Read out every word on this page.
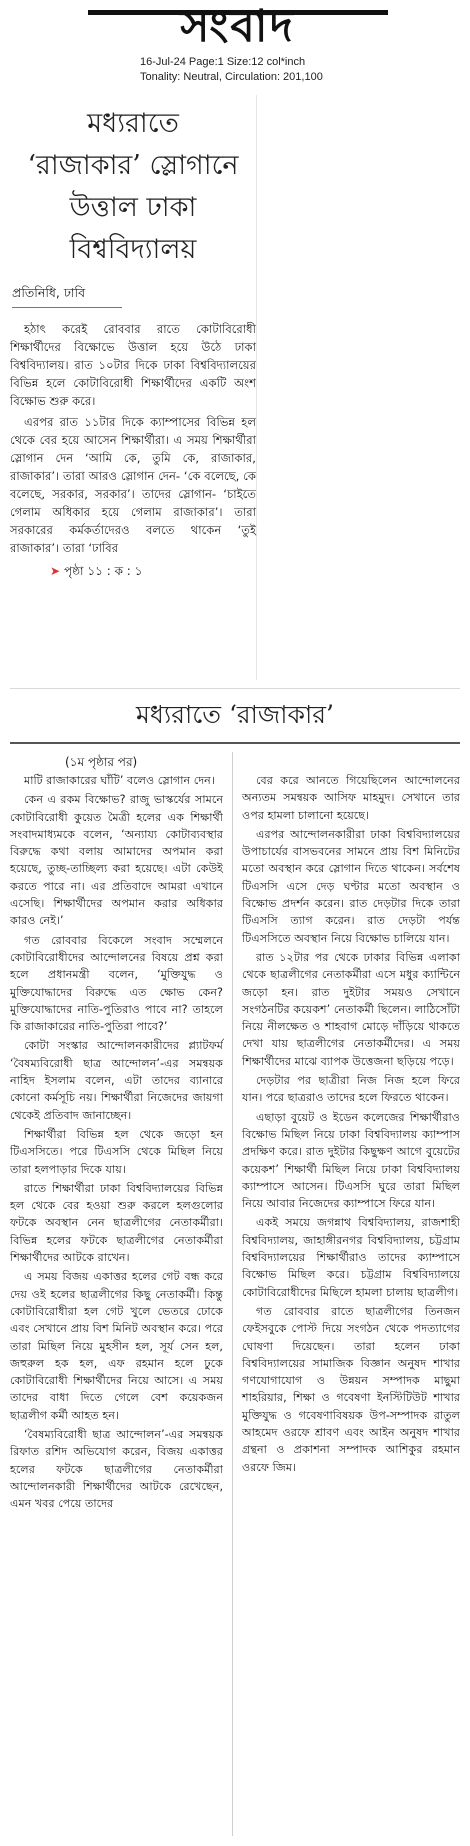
সংবাদ
16-Jul-24 Page:1 Size:12 col*inch
Tonality: Neutral, Circulation: 201,100
মধ্যরাতে
‘রাজাকার’ স্লোগানে
উত্তাল ঢাকা
বিশ্ববিদ্যালয়
প্রতিনিধি, ঢাবি

হঠাৎ করেই রোববার রাতে কোটাবিরোধী শিক্ষার্থীদের বিক্ষোভে উত্তাল হয়ে উঠে ঢাকা বিশ্ববিদ্যালয়। রাত ১০টার দিকে ঢাকা বিশ্ববিদ্যালয়ের বিভিন্ন হলে কোটাবিরোধী শিক্ষার্থীদের একটি অংশ বিক্ষোভ শুরু করে।

এরপর রাত ১১টার দিকে ক্যাম্পাসের বিভিন্ন হল থেকে বের হয়ে আসেন শিক্ষার্থীরা। এ সময় শিক্ষার্থীরা স্লোগান দেন ‘আমি কে, তুমি কে, রাজাকার, রাজাকার’। তারা আরও স্লোগান দেন- ‘কে বলেছে, কে বলেছে, সরকার, সরকার’। তাদের স্লোগান- ‘চাইতে গেলাম অধিকার হয়ে গেলাম রাজাকার’। তারা সরকারের কর্মকর্তাদেরও বলতে থাকেন ‘তুই রাজাকার’। তারা ‘ঢাবির

➤ পৃষ্ঠা ১১ : ক : ১
মধ্যরাতে ‘রাজাকার’
(১ম পৃষ্ঠার পর)

মাটি রাজাকারের ঘাঁটি’ বলেও স্লোগান দেন।

কেন এ রকম বিক্ষোভ? রাজু ভাস্কর্যের সামনে কোটাবিরোধী কুয়েত মৈত্রী হলের এক শিক্ষার্থী সংবাদমাধ্যমকে বলেন, ‘অন্যায্য কোটাব্যবস্থার বিরুদ্ধে কথা বলায় আমাদের অপমান করা হয়েছে, তুচ্ছ-তাচ্ছিল্য করা হয়েছে। এটা কেউই করতে পারে না। এর প্রতিবাদে আমরা এখানে এসেছি। শিক্ষার্থীদের অপমান করার অধিকার কারও নেই।’

গত রোববার বিকেলে সংবাদ সম্মেলনে কোটাবিরোধীদের আন্দোলনের বিষয়ে প্রশ্ন করা হলে প্রধানমন্ত্রী বলেন, ‘মুক্তিযুদ্ধ ও মুক্তিযোদ্ধাদের বিরুদ্ধে এত ক্ষোভ কেন? মুক্তিযোদ্ধাদের নাতি-পুতিরাও পাবে না? তাহলে কি রাজাকারের নাতি-পুতিরা পাবে?’

কোটা সংস্কার আন্দোলনকারীদের প্ল্যাটফর্ম ‘বৈষম্যবিরোধী ছাত্র আন্দোলন’-এর সমন্বয়ক নাহিদ ইসলাম বলেন, এটা তাদের ব্যানারে কোনো কর্মসূচি নয়। শিক্ষার্থীরা নিজেদের জায়গা থেকেই প্রতিবাদ জানাচ্ছেন।

শিক্ষার্থীরা বিভিন্ন হল থেকে জড়ো হন টিএসসিতে। পরে টিএসসি থেকে মিছিল নিয়ে তারা হলপাড়ার দিকে যায়।

রাতে শিক্ষার্থীরা ঢাকা বিশ্ববিদ্যালয়ের বিভিন্ন হল থেকে বের হওয়া শুরু করলে হলগুলোর ফটকে অবস্থান নেন ছাত্রলীগের নেতাকর্মীরা। বিভিন্ন হলের ফটকে ছাত্রলীগের নেতাকর্মীরা শিক্ষার্থীদের আটকে রাখেন।

এ সময় বিজয় একাত্তর হলের গেট বন্ধ করে দেয় ওই হলের ছাত্রলীগের কিছু নেতাকর্মী। কিন্তু কোটাবিরোধীরা হল গেট খুলে ভেতরে ঢোকে এবং সেখানে প্রায় বিশ মিনিট অবস্থান করে। পরে তারা মিছিল নিয়ে মুহসীন হল, সূর্য সেন হল, জহুরুল হক হল, এফ রহমান হলে ঢুকে কোটাবিরোধী শিক্ষার্থীদের নিয়ে আসে। এ সময় তাদের বাধা দিতে গেলে বেশ কয়েকজন ছাত্রলীগ কর্মী আহত হন।

‘বৈষম্যবিরোধী ছাত্র আন্দোলন’-এর সমন্বয়ক রিফাত রশিদ অভিযোগ করেন, বিজয় একাত্তর হলের ফটকে ছাত্রলীগের নেতাকর্মীরা আন্দোলনকারী শিক্ষার্থীদের আটকে রেখেছেন, এমন খবর পেয়ে তাদের

বের করে আনতে গিয়েছিলেন আন্দোলনের অন্যতম সমন্বয়ক আসিফ মাহমুদ। সেখানে তার ওপর হামলা চালানো হয়েছে।

এরপর আন্দোলনকারীরা ঢাকা বিশ্ববিদ্যালয়ের উপাচার্যের বাসভবনের সামনে প্রায় বিশ মিনিটের মতো অবস্থান করে স্লোগান দিতে থাকেন। সর্বশেষ টিএসসি এসে দেড় ঘণ্টার মতো অবস্থান ও বিক্ষোভ প্রদর্শন করেন। রাত দেড়টার দিকে তারা টিএসসি ত্যাগ করেন। রাত দেড়টা পর্যন্ত টিএসসিতে অবস্থান নিয়ে বিক্ষোভ চালিয়ে যান।

রাত ১২টার পর থেকে ঢাকার বিভিন্ন এলাকা থেকে ছাত্রলীগের নেতাকর্মীরা এসে মধুর ক্যান্টিনে জড়ো হন। রাত দুইটার সময়ও সেখানে সংগঠনটির কয়েকশ’ নেতাকর্মী ছিলেন। লাঠিসোঁটা নিয়ে নীলক্ষেত ও শাহবাগ মোড়ে দাঁড়িয়ে থাকতে দেখা যায় ছাত্রলীগের নেতাকর্মীদের। এ সময় শিক্ষার্থীদের মাঝে ব্যাপক উত্তেজনা ছড়িয়ে পড়ে।

দেড়টার পর ছাত্রীরা নিজ নিজ হলে ফিরে যান। পরে ছাত্ররাও তাদের হলে ফিরতে থাকেন।

এছাড়া বুয়েট ও ইডেন কলেজের শিক্ষার্থীরাও বিক্ষোভ মিছিল নিয়ে ঢাকা বিশ্ববিদ্যালয় ক্যাম্পাস প্রদক্ষিণ করে। রাত দুইটার কিছুক্ষণ আগে বুয়েটের কয়েকশ’ শিক্ষার্থী মিছিল নিয়ে ঢাকা বিশ্ববিদ্যালয় ক্যাম্পাসে আসেন। টিএসসি ঘুরে তারা মিছিল নিয়ে আবার নিজেদের ক্যাম্পাসে ফিরে যান।

একই সময়ে জগন্নাথ বিশ্ববিদ্যালয়, রাজশাহী বিশ্ববিদ্যালয়, জাহাঙ্গীরনগর বিশ্ববিদ্যালয়, চট্টগ্রাম বিশ্ববিদ্যালয়ের শিক্ষার্থীরাও তাদের ক্যাম্পাসে বিক্ষোভ মিছিল করে। চট্টগ্রাম বিশ্ববিদ্যালয়ে কোটাবিরোধীদের মিছিলে হামলা চালায় ছাত্রলীগ।

গত রোববার রাতে ছাত্রলীগের তিনজন ফেইসবুকে পোস্ট দিয়ে সংগঠন থেকে পদত্যাগের ঘোষণা দিয়েছেন। তারা হলেন ঢাকা বিশ্ববিদ্যালয়ের সামাজিক বিজ্ঞান অনুষদ শাখার গণযোগাযোগ ও উন্নয়ন সম্পাদক মাছুমা শাহরিয়ার, শিক্ষা ও গবেষণা ইনস্টিটিউট শাখার মুক্তিযুদ্ধ ও গবেষণাবিষয়ক উপ-সম্পাদক রাতুল আহমেদ ওরফে শ্রাবণ এবং আইন অনুষদ শাখার গ্রন্থনা ও প্রকাশনা সম্পাদক আশিকুর রহমান ওরফে জিম।
